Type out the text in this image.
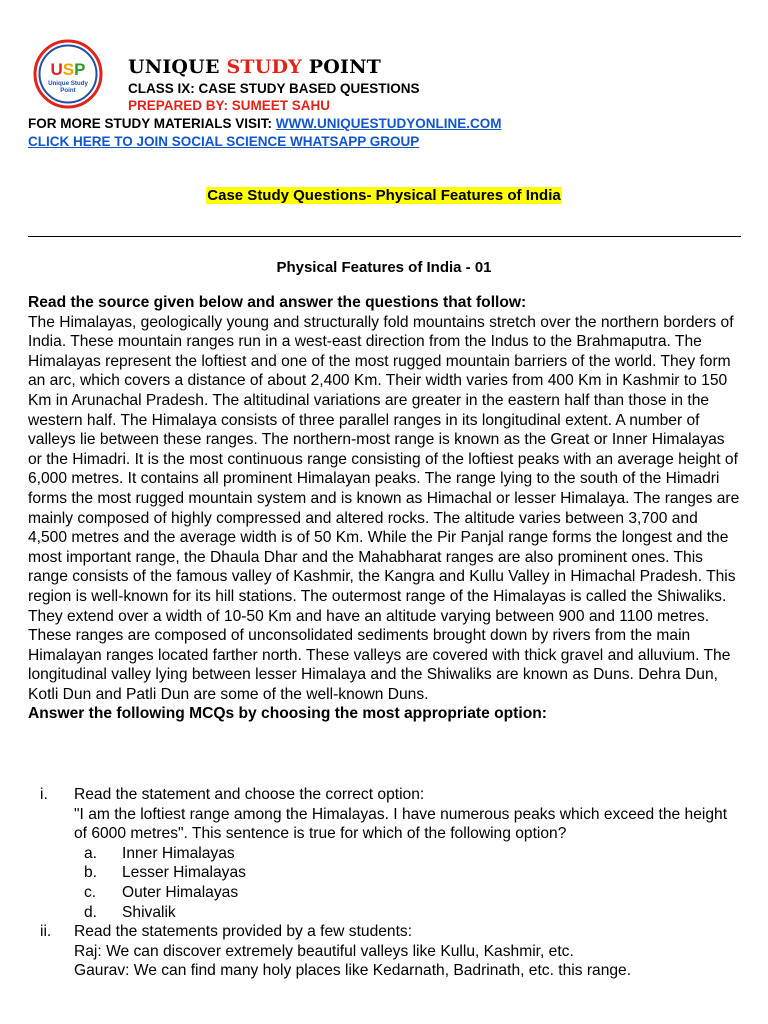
USP
Unique Study
Point
UNIQUE STUDY POINT
CLASS IX: CASE STUDY BASED QUESTIONS
PREPARED BY: SUMEET SAHU
FOR MORE STUDY MATERIALS VISIT: WWW.UNIQUESTUDYONLINE.COM
CLICK HERE TO JOIN SOCIAL SCIENCE WHATSAPP GROUP
Case Study Questions- Physical Features of India
Physical Features of India - 01

Read the source given below and answer the questions that follow:

The Himalayas, geologically young and structurally fold mountains stretch over the northern borders of India. These mountain ranges run in a west-east direction from the Indus to the Brahmaputra. The Himalayas represent the loftiest and one of the most rugged mountain barriers of the world. They form an arc, which covers a distance of about 2,400 Km. Their width varies from 400 Km in Kashmir to 150 Km in Arunachal Pradesh. The altitudinal variations are greater in the eastern half than those in the western half. The Himalaya consists of three parallel ranges in its longitudinal extent. A number of valleys lie between these ranges. The northern-most range is known as the Great or Inner Himalayas or the Himadri. It is the most continuous range consisting of the loftiest peaks with an average height of 6,000 metres. It contains all prominent Himalayan peaks. The range lying to the south of the Himadri forms the most rugged mountain system and is known as Himachal or lesser Himalaya. The ranges are mainly composed of highly compressed and altered rocks. The altitude varies between 3,700 and 4,500 metres and the average width is of 50 Km. While the Pir Panjal range forms the longest and the most important range, the Dhaula Dhar and the Mahabharat ranges are also prominent ones. This range consists of the famous valley of Kashmir, the Kangra and Kullu Valley in Himachal Pradesh. This region is well-known for its hill stations. The outermost range of the Himalayas is called the Shiwaliks. They extend over a width of 10-50 Km and have an altitude varying between 900 and 1100 metres. These ranges are composed of unconsolidated sediments brought down by rivers from the main Himalayan ranges located farther north. These valleys are covered with thick gravel and alluvium. The longitudinal valley lying between lesser Himalaya and the Shiwaliks are known as Duns. Dehra Dun, Kotli Dun and Patli Dun are some of the well-known Duns.

Answer the following MCQs by choosing the most appropriate option:

i. Read the statement and choose the correct option:
"I am the loftiest range among the Himalayas. I have numerous peaks which exceed the height of 6000 metres". This sentence is true for which of the following option?
a. Inner Himalayas
b. Lesser Himalayas
c. Outer Himalayas
d. Shivalik
ii. Read the statements provided by a few students:
Raj: We can discover extremely beautiful valleys like Kullu, Kashmir, etc.
Gaurav: We can find many holy places like Kedarnath, Badrinath, etc. this range.
